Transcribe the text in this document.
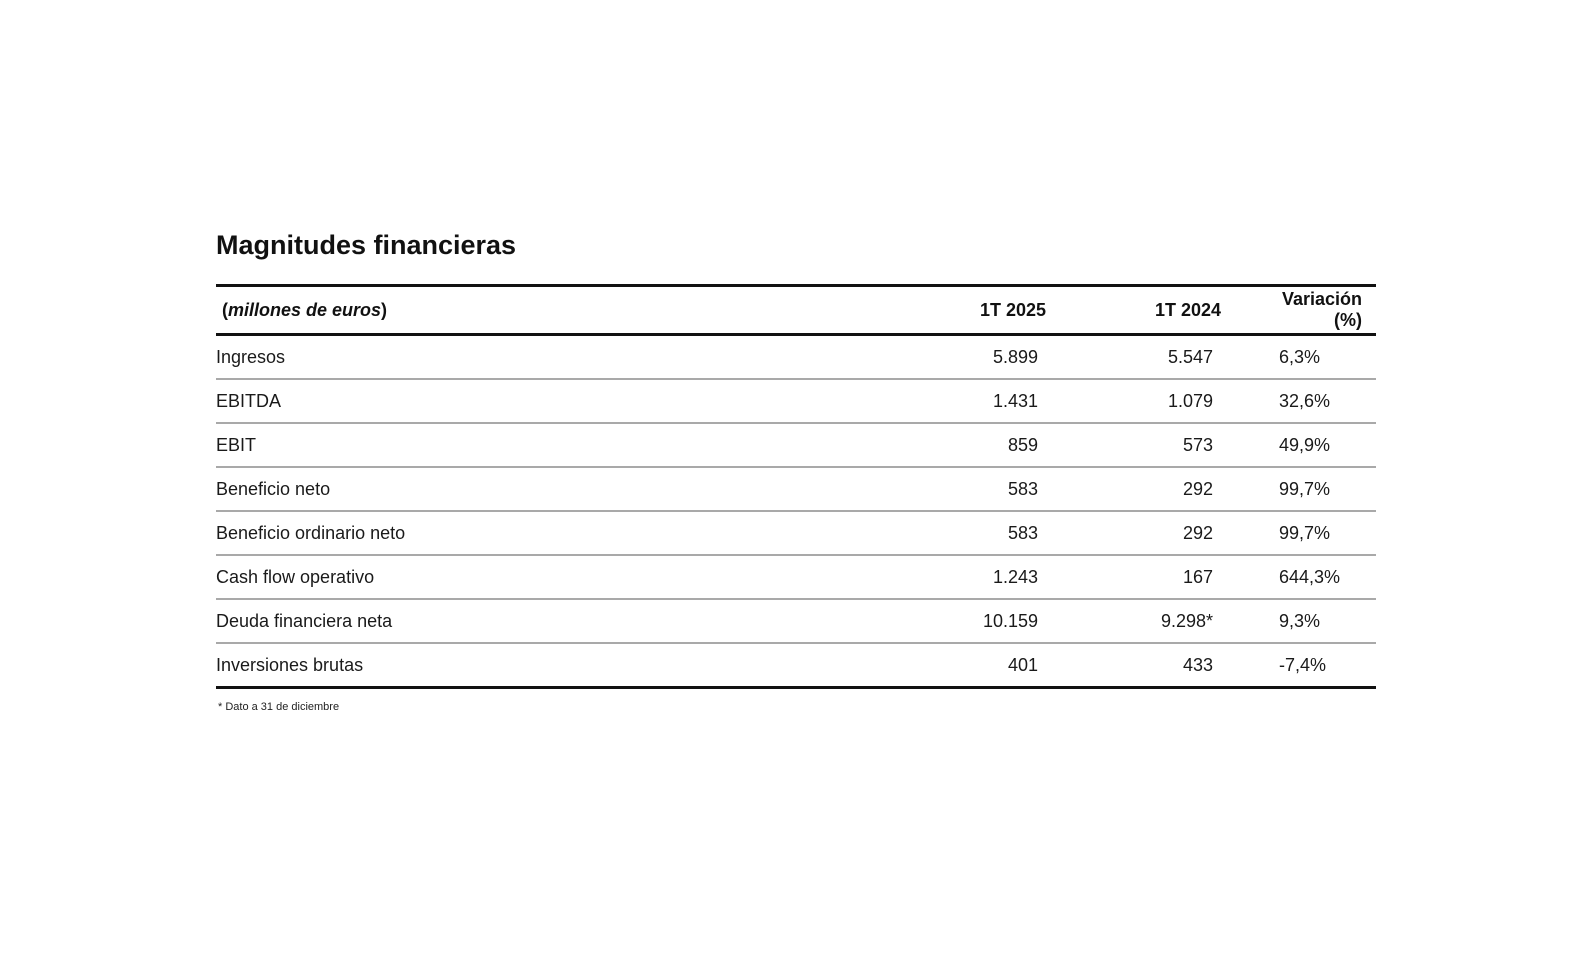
Magnitudes financieras
(millones de euros)	1T 2025	1T 2024	Variación (%)
Ingresos	5.899	5.547	6,3%
EBITDA	1.431	1.079	32,6%
EBIT	859	573	49,9%
Beneficio neto	583	292	99,7%
Beneficio ordinario neto	583	292	99,7%
Cash flow operativo	1.243	167	644,3%
Deuda financiera neta	10.159	9.298*	9,3%
Inversiones brutas	401	433	-7,4%
* Dato a 31 de diciembre
